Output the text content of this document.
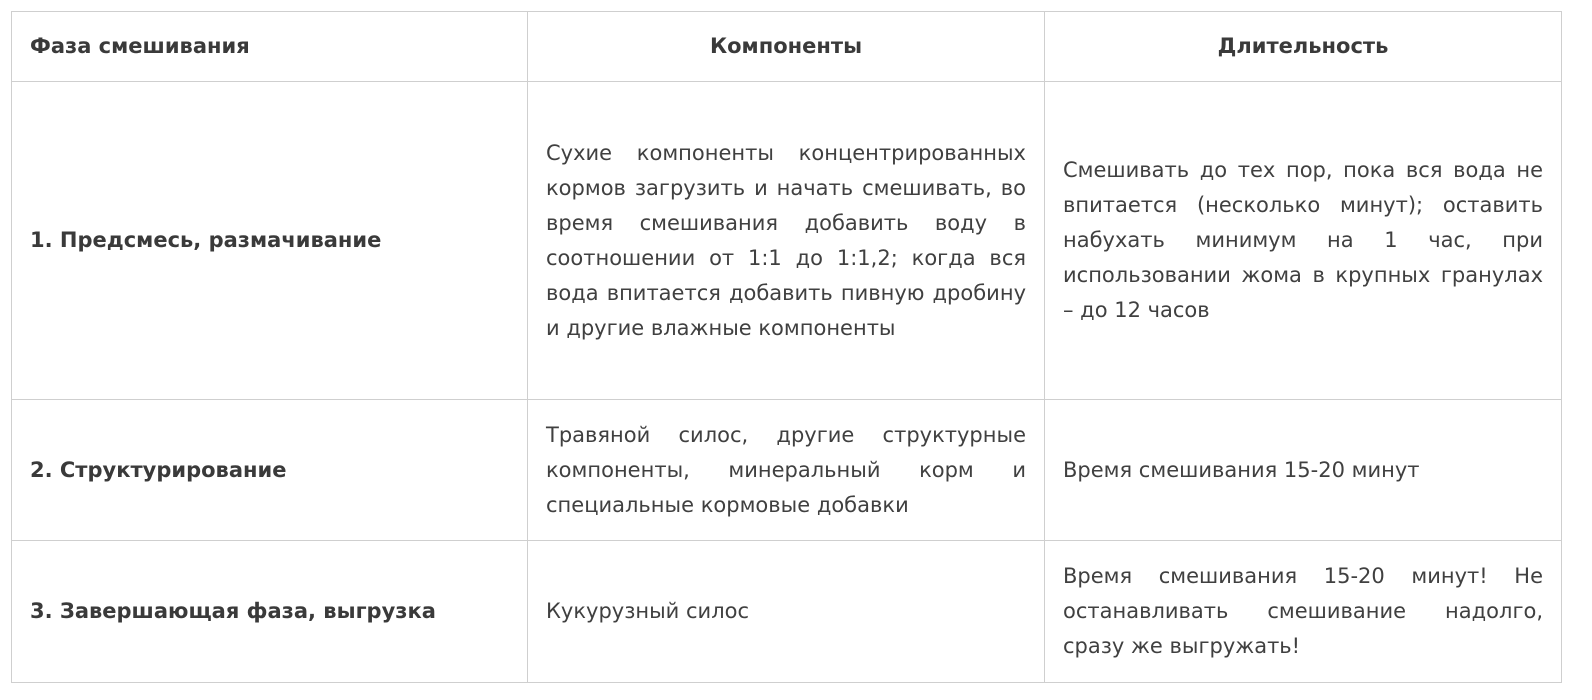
Фаза смешивания	Компоненты	Длительность
1. Предсмесь, размачивание	Сухие компоненты концентрированных кормов загрузить и начать смешивать, во время смешивания добавить воду в соотношении от 1:1 до 1:1,2; когда вся вода впитается добавить пивную дробину и другие влажные компоненты	Смешивать до тех пор, пока вся вода не впитается (несколько минут); оставить набухать минимум на 1 час, при использовании жома в крупных гранулах – до 12 часов
2. Структурирование	Травяной силос, другие структурные компоненты, минеральный корм и специальные кормовые добавки	Время смешивания 15-20 минут
3. Завершающая фаза, выгрузка	Кукурузный силос	Время смешивания 15-20 минут! Не останавливать смешивание надолго, сразу же выгружать!
